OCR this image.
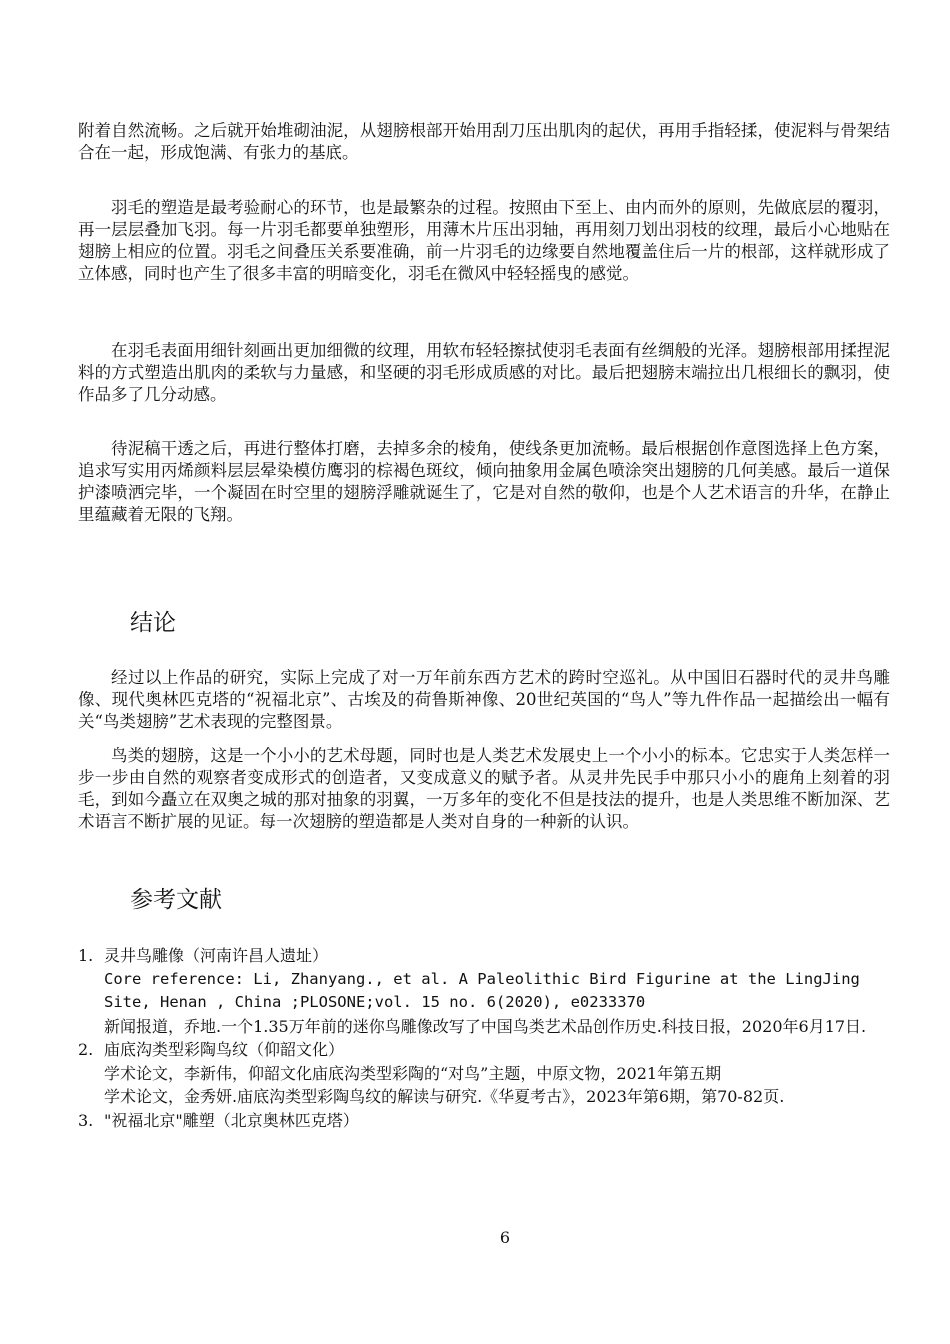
附着自然流畅。之后就开始堆砌油泥，从翅膀根部开始用刮刀压出肌肉的起伏，再用手指轻揉，使泥料与骨架结合在一起，形成饱满、有张力的基底。

羽毛的塑造是最考验耐心的环节，也是最繁杂的过程。按照由下至上、由内而外的原则，先做底层的覆羽，再一层层叠加飞羽。每一片羽毛都要单独塑形，用薄木片压出羽轴，再用刻刀划出羽枝的纹理，最后小心地贴在翅膀上相应的位置。羽毛之间叠压关系要准确，前一片羽毛的边缘要自然地覆盖住后一片的根部，这样就形成了立体感，同时也产生了很多丰富的明暗变化，羽毛在微风中轻轻摇曳的感觉。

在羽毛表面用细针刻画出更加细微的纹理，用软布轻轻擦拭使羽毛表面有丝绸般的光泽。翅膀根部用揉捏泥料的方式塑造出肌肉的柔软与力量感，和坚硬的羽毛形成质感的对比。最后把翅膀末端拉出几根细长的飘羽，使作品多了几分动感。

待泥稿干透之后，再进行整体打磨，去掉多余的棱角，使线条更加流畅。最后根据创作意图选择上色方案，追求写实用丙烯颜料层层晕染模仿鹰羽的棕褐色斑纹，倾向抽象用金属色喷涂突出翅膀的几何美感。最后一道保护漆喷洒完毕，一个凝固在时空里的翅膀浮雕就诞生了，它是对自然的敬仰，也是个人艺术语言的升华，在静止里蕴藏着无限的飞翔。

结论

经过以上作品的研究，实际上完成了对一万年前东西方艺术的跨时空巡礼。从中国旧石器时代的灵井鸟雕像、现代奥林匹克塔的“祝福北京”、古埃及的荷鲁斯神像、20世纪英国的“鸟人”等九件作品一起描绘出一幅有关“鸟类翅膀”艺术表现的完整图景。

鸟类的翅膀，这是一个小小的艺术母题，同时也是人类艺术发展史上一个小小的标本。它忠实于人类怎样一步一步由自然的观察者变成形式的创造者，又变成意义的赋予者。从灵井先民手中那只小小的鹿角上刻着的羽毛，到如今矗立在双奥之城的那对抽象的羽翼，一万多年的变化不但是技法的提升，也是人类思维不断加深、艺术语言不断扩展的见证。每一次翅膀的塑造都是人类对自身的一种新的认识。

参考文献
1. 灵井鸟雕像（河南许昌人遗址）
Core reference: Li, Zhanyang., et al. A Paleolithic Bird Figurine at the LingJing Site, Henan , China ;PLOSONE;vol. 15 no. 6(2020), e0233370
新闻报道，乔地.一个1.35万年前的迷你鸟雕像改写了中国鸟类艺术品创作历史.科技日报，2020年6月17日.
2. 庙底沟类型彩陶鸟纹（仰韶文化）
学术论文，李新伟，仰韶文化庙底沟类型彩陶的“对鸟”主题，中原文物，2021年第五期
学术论文，金秀妍.庙底沟类型彩陶鸟纹的解读与研究.《华夏考古》，2023年第6期，第70-82页.
3. "祝福北京"雕塑（北京奥林匹克塔）
6
